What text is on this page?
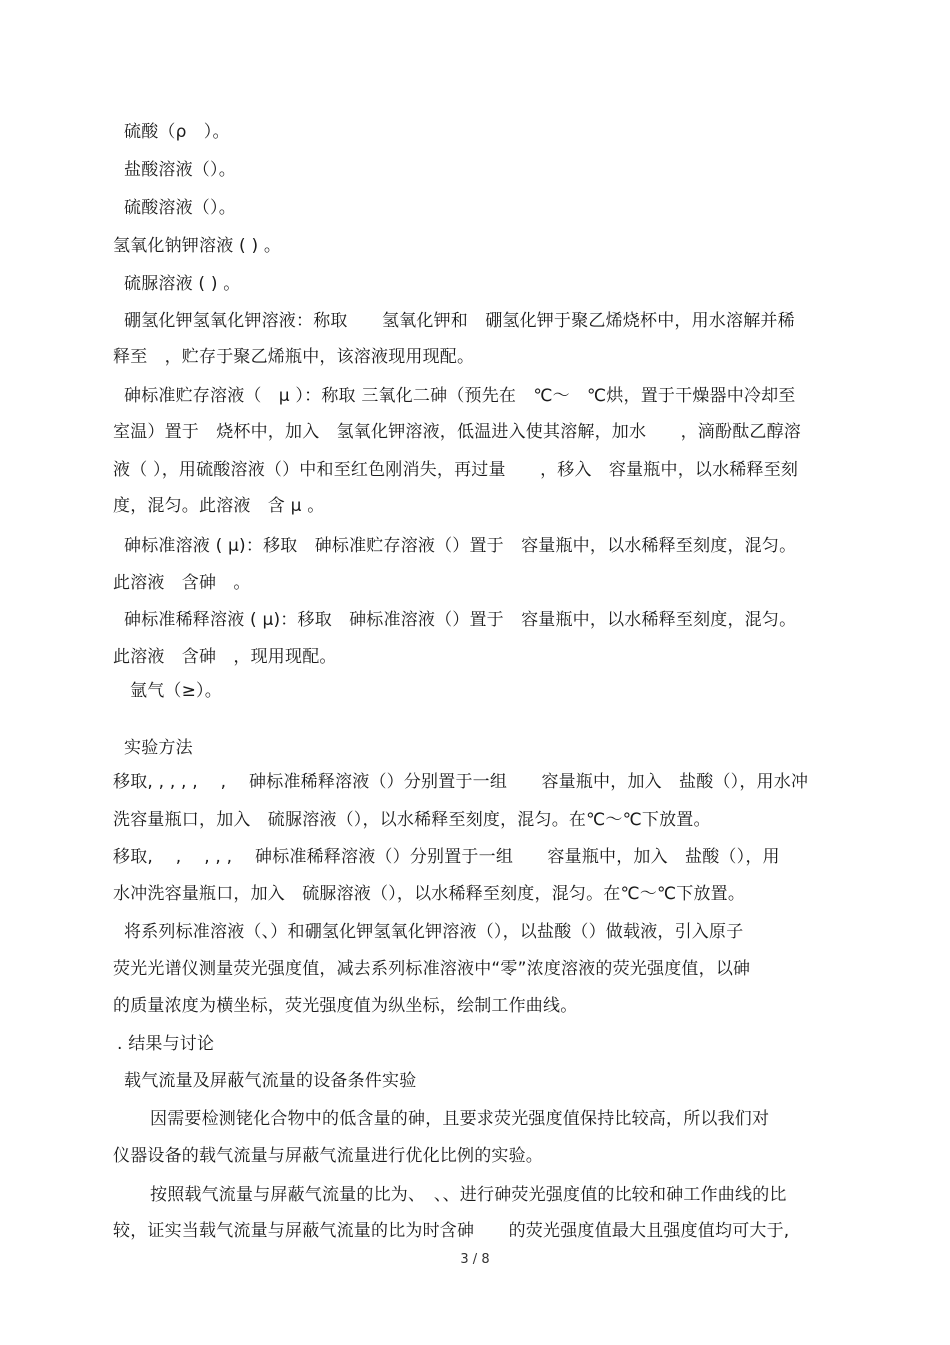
硫酸（ρ　）。
盐酸溶液（）。
硫酸溶液（）。
氢氧化钠钾溶液 ( ) 。
硫脲溶液 ( ) 。
硼氢化钾氢氧化钾溶液：称取　　氢氧化钾和　硼氢化钾于聚乙烯烧杯中，用水溶解并稀
释至　，贮存于聚乙烯瓶中，该溶液现用现配。
砷标准贮存溶液（　μ ）：称取 三氧化二砷（预先在　℃～　℃烘，置于干燥器中冷却至
室温）置于　烧杯中，加入　氢氧化钾溶液，低温进入使其溶解，加水　　，滴酚酞乙醇溶
液（ ），用硫酸溶液（）中和至红色刚消失，再过量　　，移入　容量瓶中，以水稀释至刻
度，混匀。此溶液　含 μ 。
砷标准溶液 ( μ)：移取　砷标准贮存溶液（）置于　容量瓶中，以水稀释至刻度，混匀。
此溶液　含砷　。
砷标准稀释溶液 ( μ)：移取　砷标准溶液（）置于　容量瓶中，以水稀释至刻度，混匀。
此溶液　含砷　，现用现配。
氩气（≥）。
实验方法
移取, , , , ,　 ,　 砷标准稀释溶液（）分别置于一组　　容量瓶中，加入　盐酸（），用水冲
洗容量瓶口，加入　硫脲溶液（），以水稀释至刻度，混匀。在℃～℃下放置。
移取,　 ,　 , , ,　 砷标准稀释溶液（）分别置于一组　　容量瓶中，加入　盐酸（），用
水冲洗容量瓶口，加入　硫脲溶液（），以水稀释至刻度，混匀。在℃～℃下放置。
将系列标准溶液（、）和硼氢化钾氢氧化钾溶液（），以盐酸（）做载液，引入原子
荧光光谱仪测量荧光强度值，减去系列标准溶液中“零”浓度溶液的荧光强度值，以砷
的质量浓度为横坐标，荧光强度值为纵坐标，绘制工作曲线。
. 结果与讨论
载气流量及屏蔽气流量的设备条件实验
因需要检测铑化合物中的低含量的砷，且要求荧光强度值保持比较高，所以我们对
仪器设备的载气流量与屏蔽气流量进行优化比例的实验。
按照载气流量与屏蔽气流量的比为、　、、进行砷荧光强度值的比较和砷工作曲线的比
较，证实当载气流量与屏蔽气流量的比为时含砷　　的荧光强度值最大且强度值均可大于,
3 / 8
